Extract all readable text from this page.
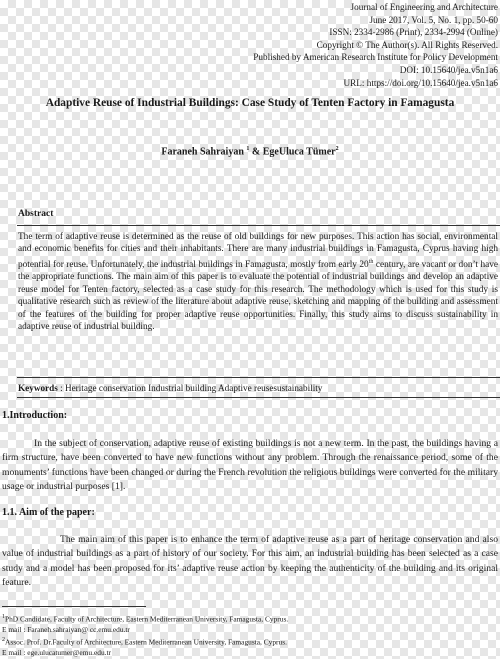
Journal of Engineering and Architecture
June 2017, Vol. 5, No. 1, pp. 50-60
ISSN: 2334-2986 (Print), 2334-2994 (Online)
Copyright © The Author(s). All Rights Reserved.
Published by American Research Institute for Policy Development
DOI: 10.15640/jea.v5n1a6
URL: https://doi.org/10.15640/jea.v5n1a6
Adaptive Reuse of Industrial Buildings: Case Study of Tenten Factory in Famagusta
Faraneh Sahraiyan $^1$ & EgeUluca Tümer$^2$
Abstract

The term of adaptive reuse is determined as the reuse of old buildings for new purposes. This action has social, environmental and economic benefits for cities and their inhabitants. There are many industrial buildings in Famagusta, Cyprus having high potential for reuse. Unfortunately, the industrial buildings in Famagusta, mostly from early 20th century, are vacant or don’t have the appropriate functions. The main aim of this paper is to evaluate the potential of industrial buildings and develop an adaptive reuse model for Tenten factory, selected as a case study for this research. The methodology which is used for this study is qualitative research such as review of the literature about adaptive reuse, sketching and mapping of the building and assessment of the features of the building for proper adaptive reuse opportunities. Finally, this study aims to discuss sustainability in adaptive reuse of industrial building.

Keywords : Heritage conservation Industrial building Adaptive reusesustainability
1.Introduction:

In the subject of conservation, adaptive reuse of existing buildings is not a new term. In the past, the buildings having a firm structure, have been converted to have new functions without any problem. Through the renaissance period, some of the monuments’ functions have been changed or during the French revolution the religious buildings were converted for the military usage or industrial purposes [1].

1.1. Aim of the paper:

The main aim of this paper is to enhance the term of adaptive reuse as a part of heritage conservation and also value of industrial buildings as a part of history of our society. For this aim, an industrial building has been selected as a case study and a model has been proposed for its’ adaptive reuse action by keeping the authenticity of the building and its original feature.

$^1$PhD Candidate, Faculty of Architecture, Eastern Mediterranean University, Famagusta, Cyprus.
E mail : Faraneh.sahraiyan@ cc.emu.edu.tr
$^2$Assoc. Prof. Dr.Faculty of Architecture, Eastern Mediterranean University, Famagusta, Cyprus.
E mail : ege.ulucatumer@emu.edu.tr
